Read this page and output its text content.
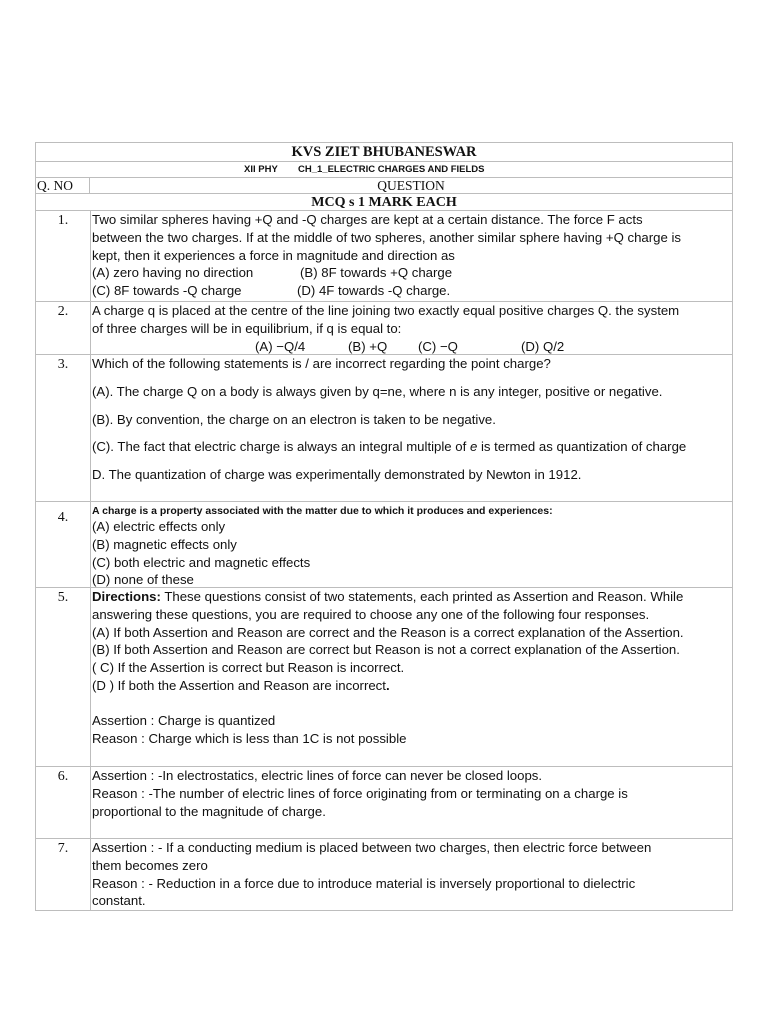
KVS ZIET BHUBANESWAR
XII PHY CH_1_ELECTRIC CHARGES AND FIELDS
Q. NO	QUESTION
MCQ s 1 MARK EACH
1.	Two similar spheres having +Q and -Q charges are kept at a certain distance. The force F acts
between the two charges. If at the middle of two spheres, another similar sphere having +Q charge is
kept, then it experiences a force in magnitude and direction as
(A) zero having no direction	(B) 8F towards +Q charge
(C) 8F towards -Q charge	(D) 4F towards -Q charge.
2.	A charge q is placed at the centre of the line joining two exactly equal positive charges Q. the system
of three charges will be in equilibrium, if q is equal to:
(A) −Q/4	(B) +Q (C) −Q	(D) Q/2
3.	Which of the following statements is / are incorrect regarding the point charge?
(A). The charge Q on a body is always given by q=ne, where n is any integer, positive or negative.
(B). By convention, the charge on an electron is taken to be negative.
(C). The fact that electric charge is always an integral multiple of e is termed as quantization of charge
D. The quantization of charge was experimentally demonstrated by Newton in 1912.
4.	A charge is a property associated with the matter due to which it produces and experiences:
(A) electric effects only
(B) magnetic effects only
(C) both electric and magnetic effects
(D) none of these
5.	Directions: These questions consist of two statements, each printed as Assertion and Reason. While
answering these questions, you are required to choose any one of the following four responses.
(A) If both Assertion and Reason are correct and the Reason is a correct explanation of the Assertion.
(B) If both Assertion and Reason are correct but Reason is not a correct explanation of the Assertion.
( C) If the Assertion is correct but Reason is incorrect.
(D ) If both the Assertion and Reason are incorrect.
Assertion : Charge is quantized
Reason : Charge which is less than 1C is not possible
6.	Assertion : -In electrostatics, electric lines of force can never be closed loops.
Reason : -The number of electric lines of force originating from or terminating on a charge is
proportional to the magnitude of charge.
7.	Assertion : - If a conducting medium is placed between two charges, then electric force between
them becomes zero
Reason : - Reduction in a force due to introduce material is inversely proportional to dielectric
constant.
